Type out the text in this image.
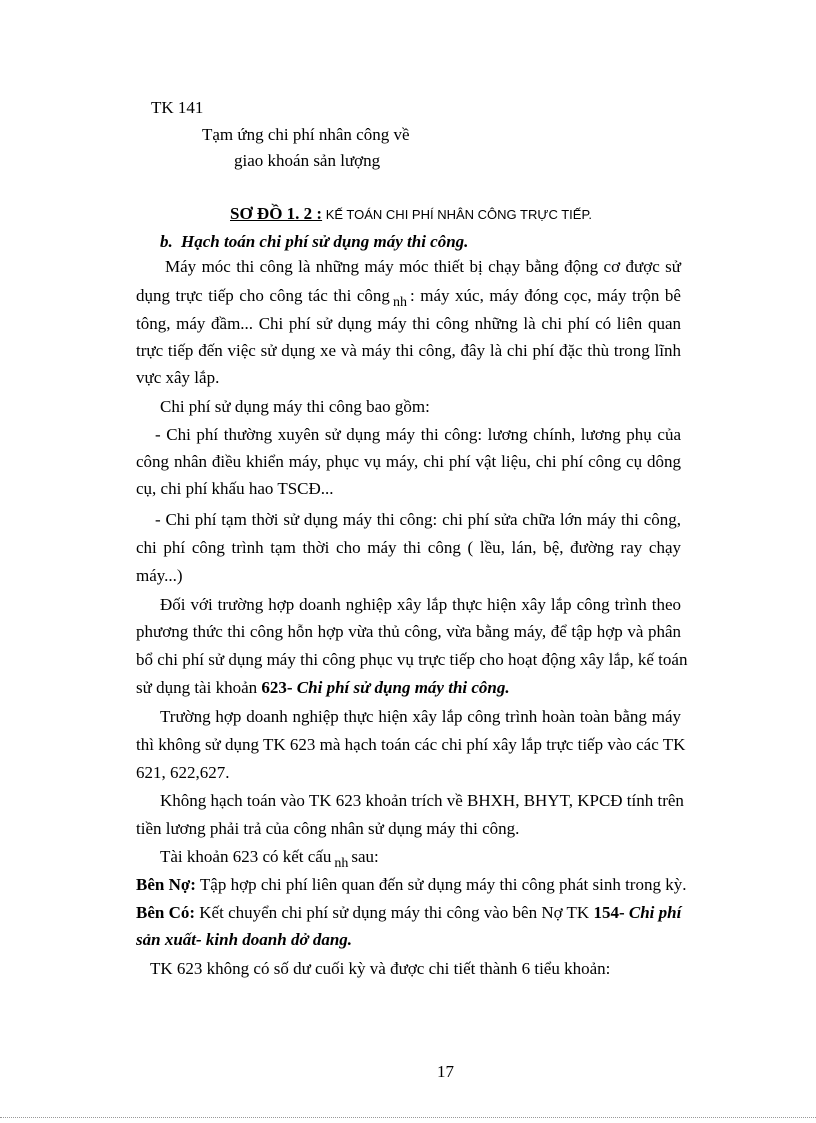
TK 141
Tạm ứng chi phí nhân công về
giao khoán sản lượng
SƠ ĐỒ 1. 2 : KẾ TOÁN CHI PHÍ NHÂN CÔNG TRỰC TIẾP.
b. Hạch toán chi phí sử dụng máy thi công.
Máy móc thi công là những máy móc thiết bị chạy bằng động cơ được sử
dụng trực tiếp cho công tác thi công $_{nh}$ : máy xúc, máy đóng cọc, máy trộn bê
tông, máy đầm... Chi phí sử dụng máy thi công những là chi phí có liên quan
trực tiếp đến việc sử dụng xe và máy thi công, đây là chi phí đặc thù trong lĩnh
vực xây lắp.
Chi phí sử dụng máy thi công bao gồm:
- Chi phí thường xuyên sử dụng máy thi công: lương chính, lương phụ của
công nhân điều khiển máy, phục vụ máy, chi phí vật liệu, chi phí công cụ dông
cụ, chi phí khấu hao TSCĐ...
- Chi phí tạm thời sử dụng máy thi công: chi phí sửa chữa lớn máy thi công,
chi phí công trình tạm thời cho máy thi công ( lều, lán, bệ, đường ray chạy
máy...)
Đối với trường hợp doanh nghiệp xây lắp thực hiện xây lắp công trình theo
phương thức thi công hỗn hợp vừa thủ công, vừa bằng máy, để tập hợp và phân
bổ chi phí sử dụng máy thi công phục vụ trực tiếp cho hoạt động xây lắp, kế toán
sử dụng tài khoản 623- Chi phí sử dụng máy thi công.
Trường hợp doanh nghiệp thực hiện xây lắp công trình hoàn toàn bằng máy
thì không sử dụng TK 623 mà hạch toán các chi phí xây lắp trực tiếp vào các TK
621, 622,627.
Không hạch toán vào TK 623 khoản trích về BHXH, BHYT, KPCĐ tính trên
tiền lương phải trả của công nhân sử dụng máy thi công.
Tài khoản 623 có kết cấu $_{nh}$ sau:
Bên Nợ: Tập hợp chi phí liên quan đến sử dụng máy thi công phát sinh trong kỳ.
Bên Có: Kết chuyển chi phí sử dụng máy thi công vào bên Nợ TK 154- Chi phí
sản xuất- kinh doanh dở dang.
TK 623 không có số dư cuối kỳ và được chi tiết thành 6 tiểu khoản:
17
